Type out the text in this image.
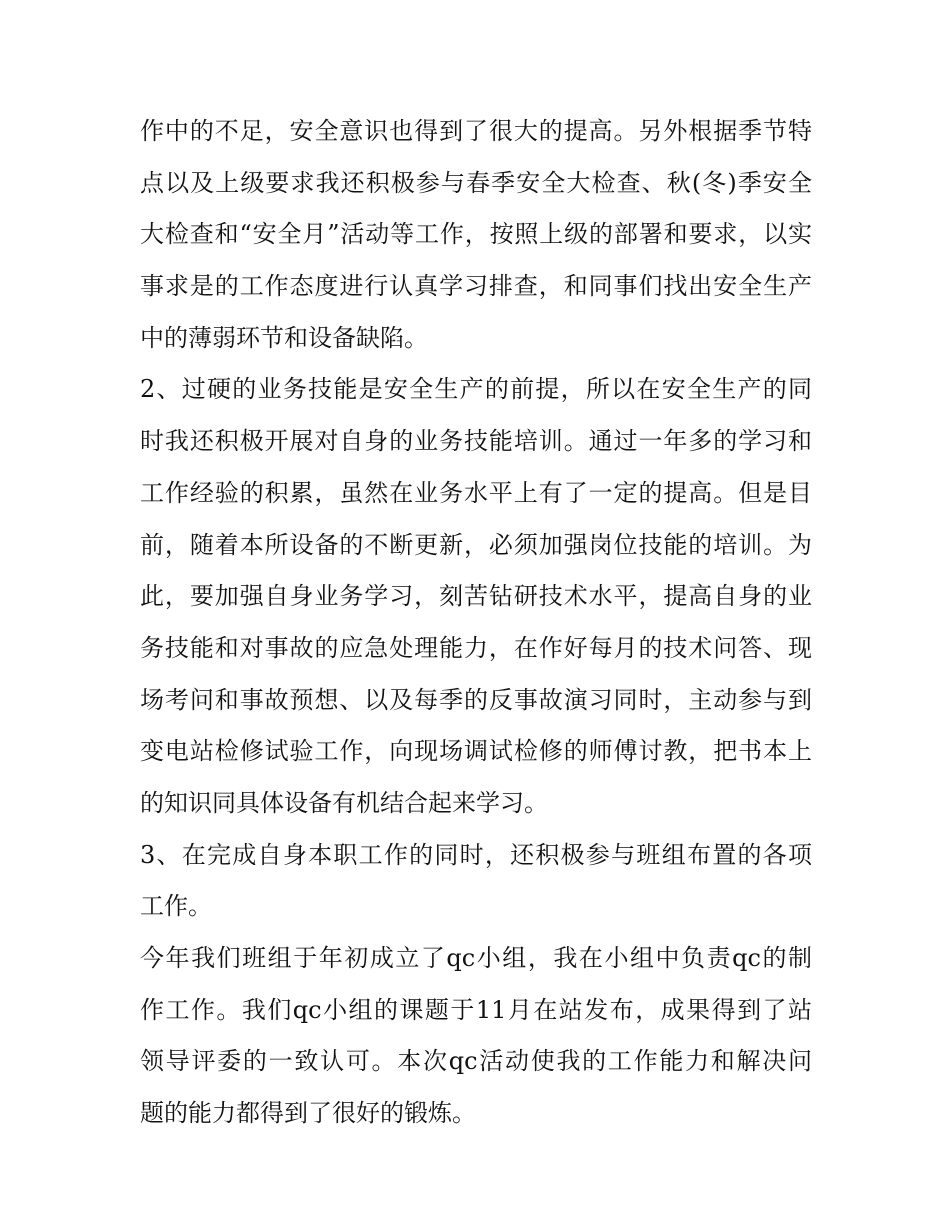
作中的不足，安全意识也得到了很大的提高。另外根据季节特
点以及上级要求我还积极参与春季安全大检查、秋(冬)季安全
大检查和“安全月”活动等工作，按照上级的部署和要求，以实
事求是的工作态度进行认真学习排查，和同事们找出安全生产
中的薄弱环节和设备缺陷。
2、过硬的业务技能是安全生产的前提，所以在安全生产的同
时我还积极开展对自身的业务技能培训。通过一年多的学习和
工作经验的积累，虽然在业务水平上有了一定的提高。但是目
前，随着本所设备的不断更新，必须加强岗位技能的培训。为
此，要加强自身业务学习，刻苦钻研技术水平，提高自身的业
务技能和对事故的应急处理能力，在作好每月的技术问答、现
场考问和事故预想、以及每季的反事故演习同时，主动参与到
变电站检修试验工作，向现场调试检修的师傅讨教，把书本上
的知识同具体设备有机结合起来学习。
3、在完成自身本职工作的同时，还积极参与班组布置的各项
工作。
今年我们班组于年初成立了qc小组，我在小组中负责qc的制
作工作。我们qc小组的课题于11月在站发布，成果得到了站
领导评委的一致认可。本次qc活动使我的工作能力和解决问
题的能力都得到了很好的锻炼。
